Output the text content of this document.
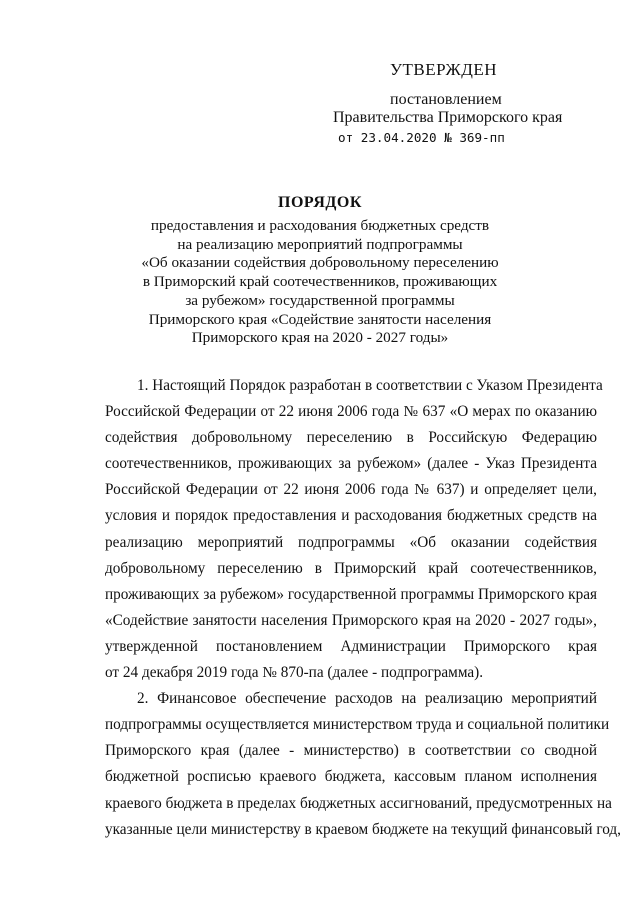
УТВЕРЖДЕН
постановлением
Правительства Приморского края
от 23.04.2020 № 369-пп
ПОРЯДОК
предоставления и расходования бюджетных средств
на реализацию мероприятий подпрограммы
«Об оказании содействия добровольному переселению
в Приморский край соотечественников, проживающих
за рубежом» государственной программы
Приморского края «Содействие занятости населения
Приморского края на 2020 - 2027 годы»
1. Настоящий Порядок разработан в соответствии с Указом Президента
Российской Федерации от 22 июня 2006 года № 637 «О мерах по оказанию
содействия добровольному переселению в Российскую Федерацию
соотечественников, проживающих за рубежом» (далее - Указ Президента
Российской Федерации от 22 июня 2006 года № 637) и определяет цели,
условия и порядок предоставления и расходования бюджетных средств на
реализацию мероприятий подпрограммы «Об оказании содействия
добровольному переселению в Приморский край соотечественников,
проживающих за рубежом» государственной программы Приморского края
«Содействие занятости населения Приморского края на 2020 - 2027 годы»,
утвержденной постановлением Администрации Приморского края
от 24 декабря 2019 года № 870-па (далее - подпрограмма).
2. Финансовое обеспечение расходов на реализацию мероприятий
подпрограммы осуществляется министерством труда и социальной политики
Приморского края (далее - министерство) в соответствии со сводной
бюджетной росписью краевого бюджета, кассовым планом исполнения
краевого бюджета в пределах бюджетных ассигнований, предусмотренных на
указанные цели министерству в краевом бюджете на текущий финансовый год,
